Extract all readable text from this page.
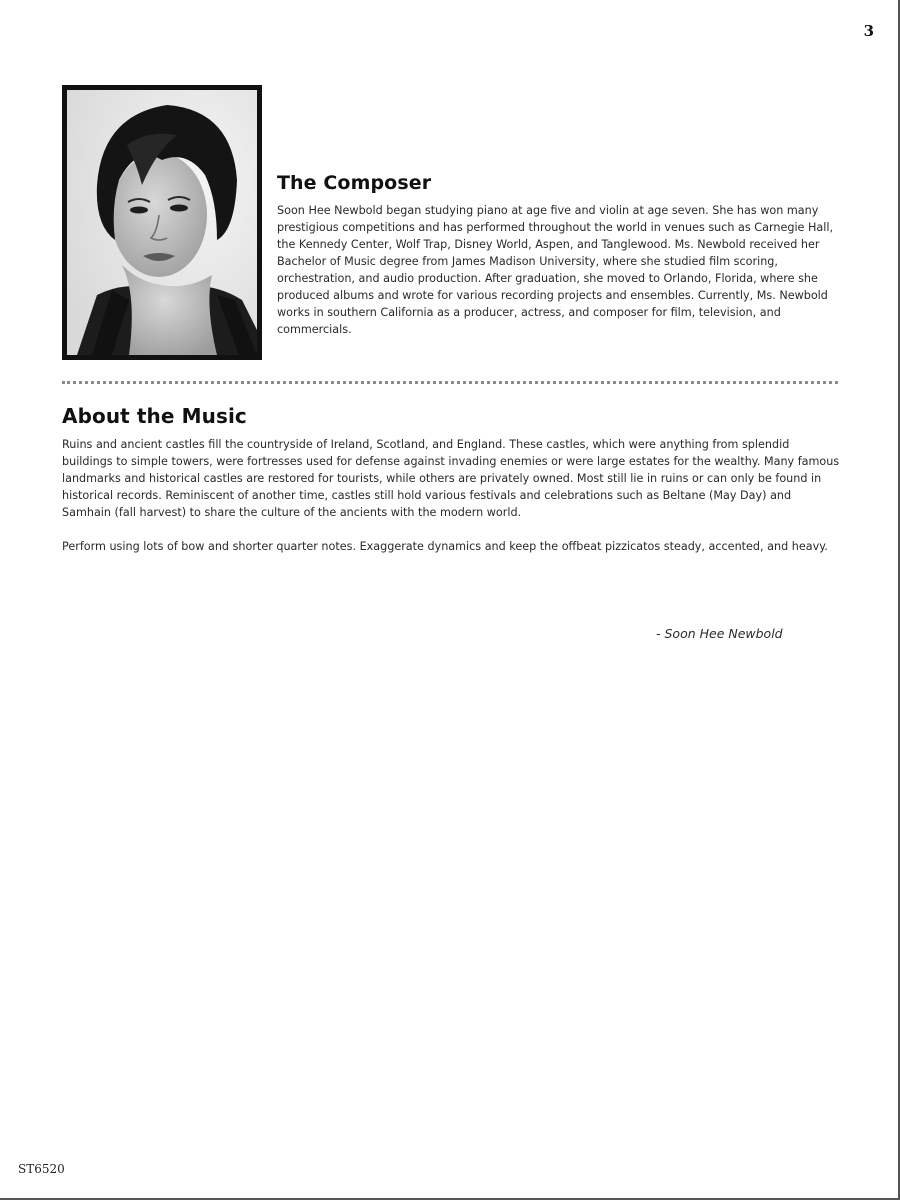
3
The Composer

Soon Hee Newbold began studying piano at age five and violin at age seven. She has won many prestigious competitions and has performed throughout the world in venues such as Carnegie Hall, the Kennedy Center, Wolf Trap, Disney World, Aspen, and Tanglewood. Ms. Newbold received her Bachelor of Music degree from James Madison University, where she studied film scoring, orchestration, and audio production. After graduation, she moved to Orlando, Florida, where she produced albums and wrote for various recording projects and ensembles. Currently, Ms. Newbold works in southern California as a producer, actress, and composer for film, television, and commercials.

About the Music

Ruins and ancient castles fill the countryside of Ireland, Scotland, and England. These castles, which were anything from splendid buildings to simple towers, were fortresses used for defense against invading enemies or were large estates for the wealthy. Many famous landmarks and historical castles are restored for tourists, while others are privately owned. Most still lie in ruins or can only be found in historical records. Reminiscent of another time, castles still hold various festivals and celebrations such as Beltane (May Day) and Samhain (fall harvest) to share the culture of the ancients with the modern world.

Perform using lots of bow and shorter quarter notes. Exaggerate dynamics and keep the offbeat pizzicatos steady, accented, and heavy.

- Soon Hee Newbold
ST6520
